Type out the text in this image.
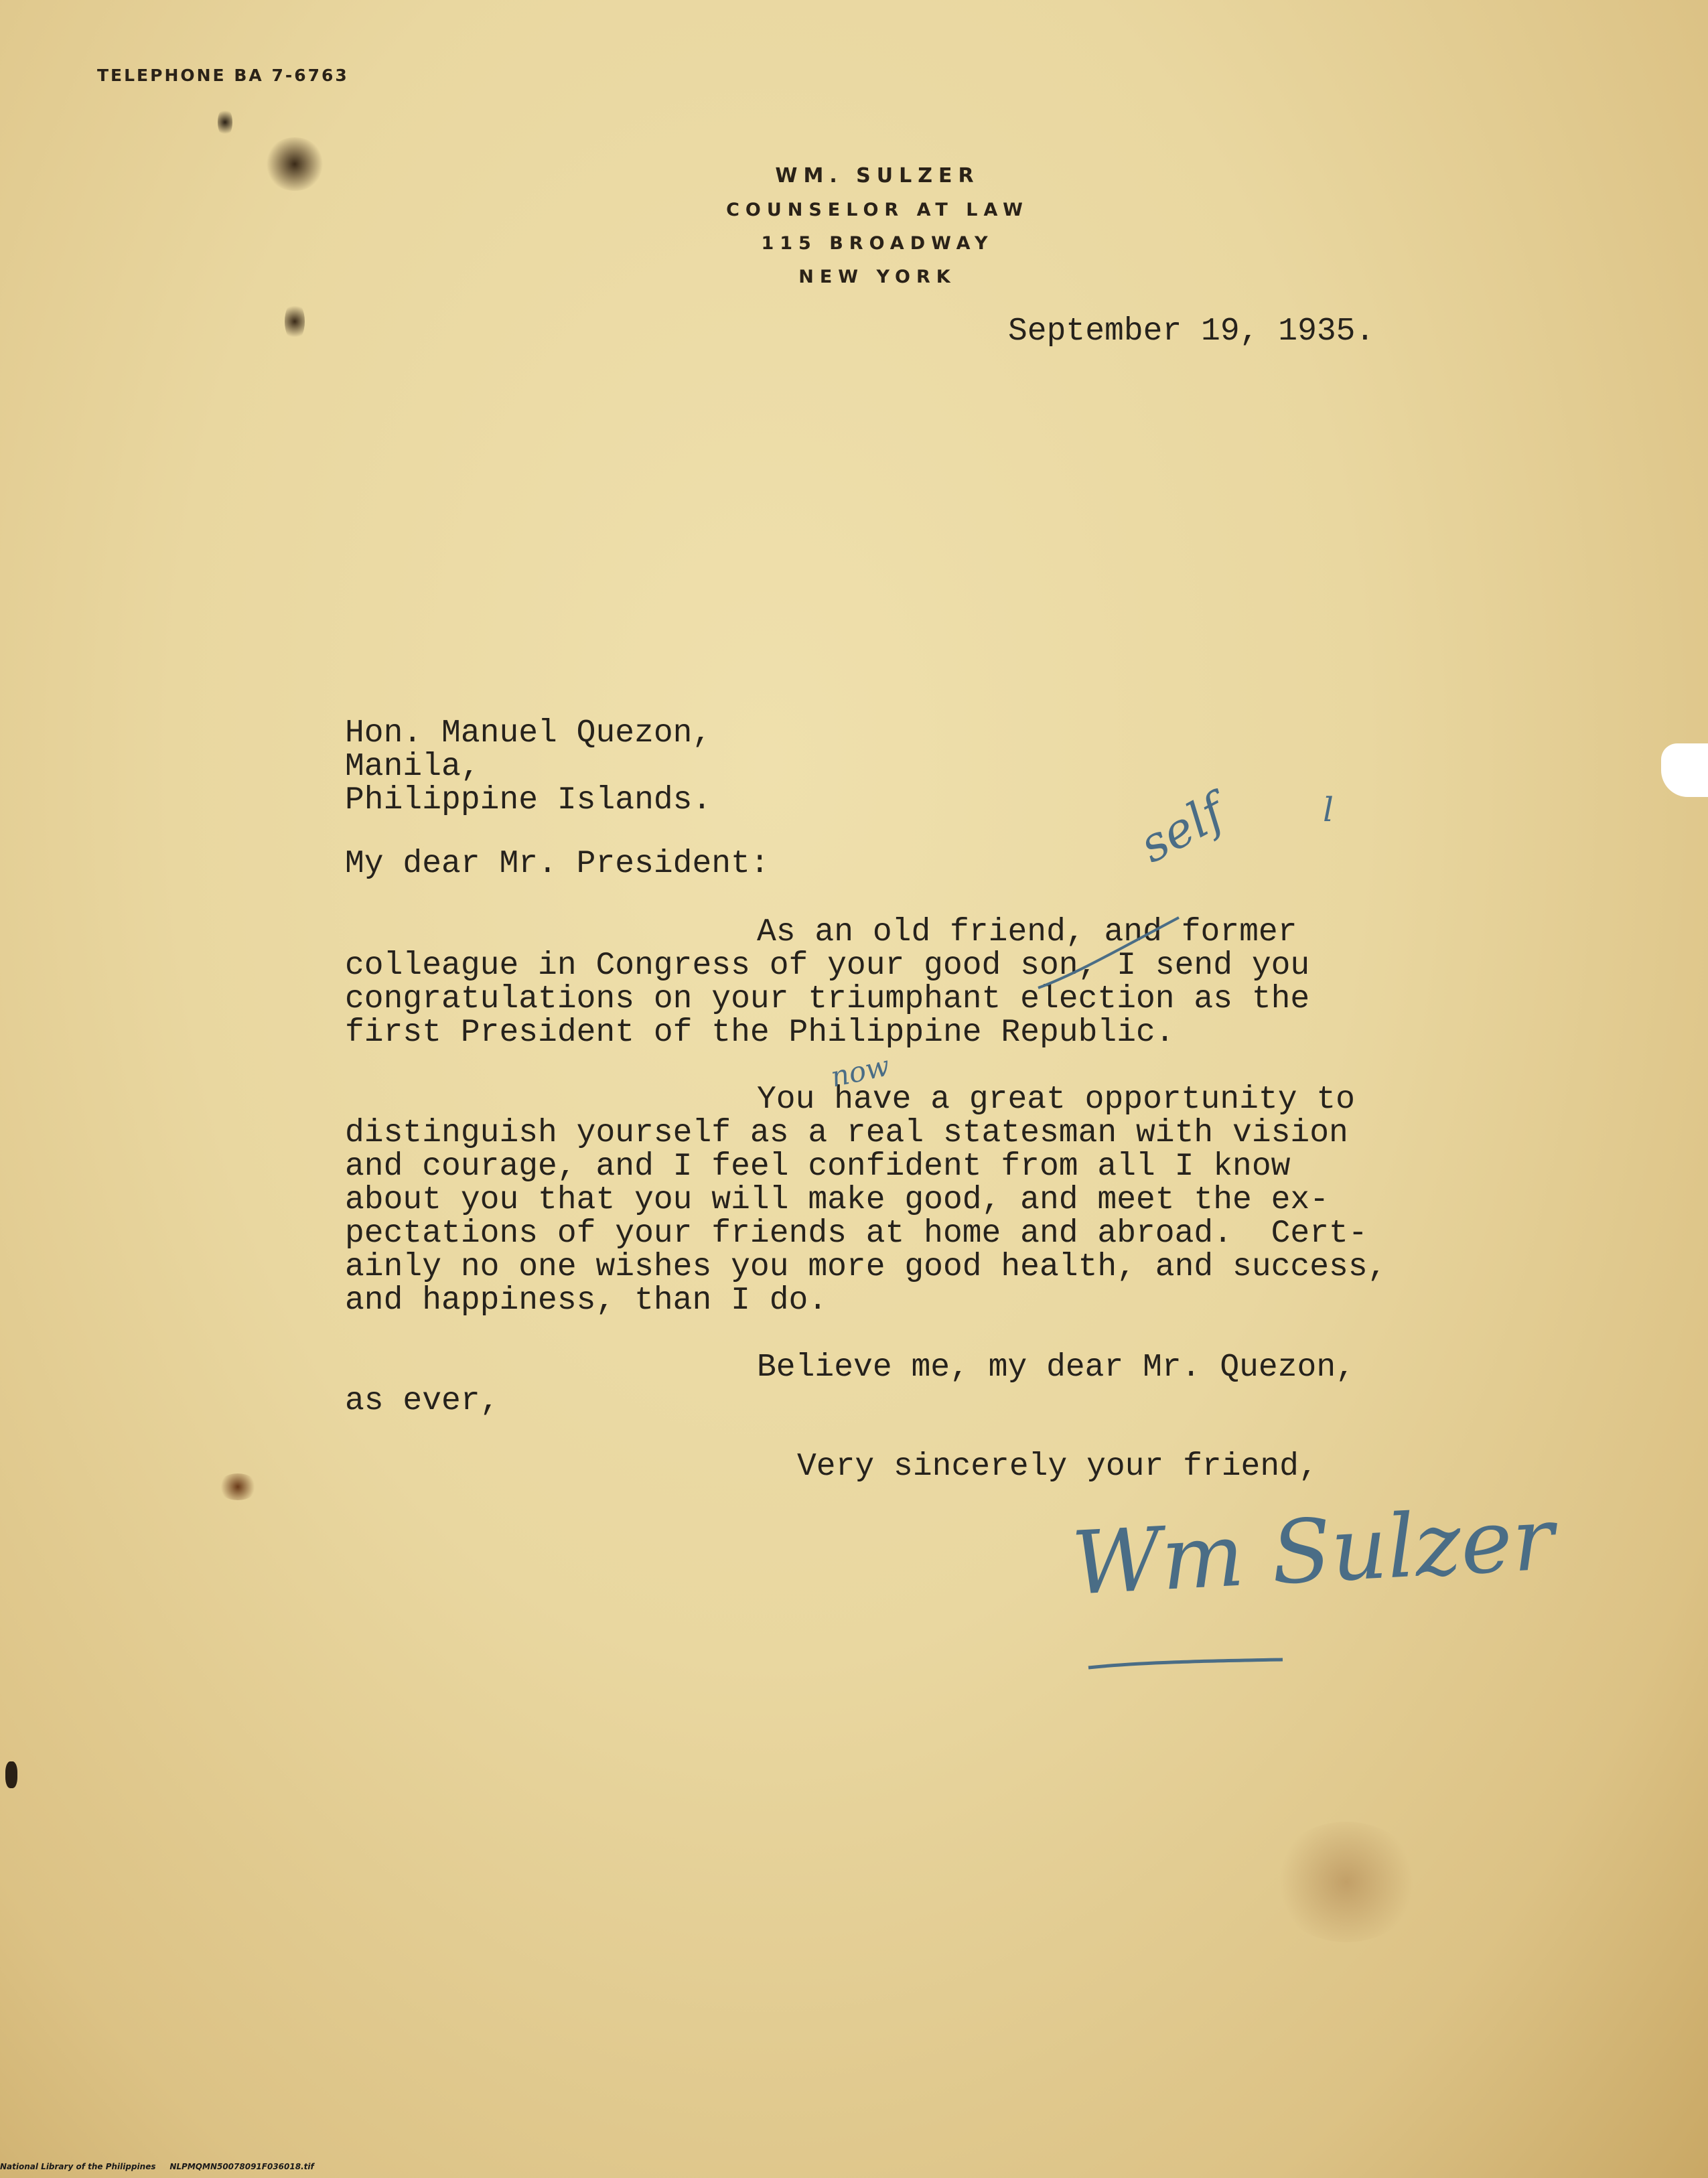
TELEPHONE BA 7-6763
WM. SULZER
COUNSELOR AT LAW
115 BROADWAY
NEW YORK
September 19, 1935.
Hon. Manuel Quezon,
Manila,
Philippine Islands.
My dear Mr. President:
As an old friend, and former
colleague in Congress of your good son, I send you
congratulations on your triumphant election as the
first President of the Philippine Republic.
You have a great opportunity to
distinguish yourself as a real statesman with vision
and courage, and I feel confident from all I know
about you that you will make good, and meet the ex-
pectations of your friends at home and abroad.  Cert-
ainly no one wishes you more good health, and success,
and happiness, than I do.
Believe me, my dear Mr. Quezon,
as ever,
Very sincerely your friend,
self	l
now
Wm Sulzer
National Library of the Philippines     NLPMQMN50078091F036018.tif
